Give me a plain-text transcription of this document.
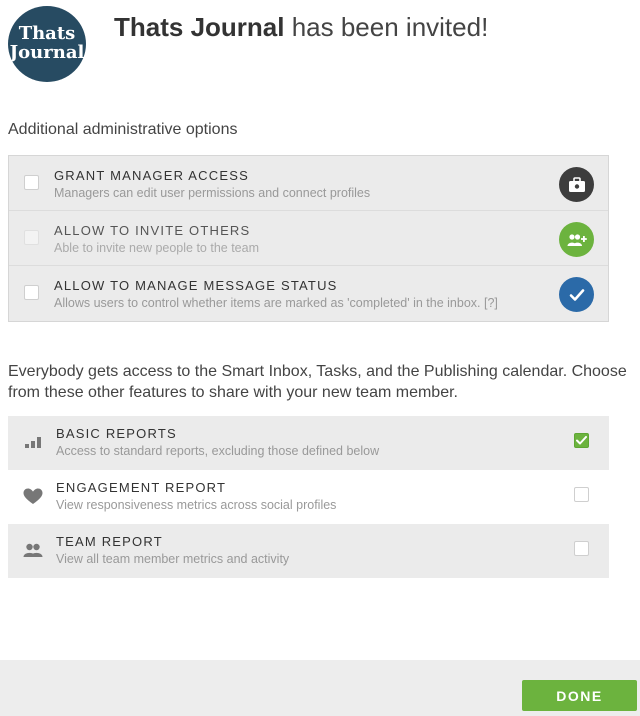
Thats
Journal
Thats Journal has been invited!
Additional administrative options
GRANT MANAGER ACCESS
Managers can edit user permissions and connect profiles
ALLOW TO INVITE OTHERS
Able to invite new people to the team
ALLOW TO MANAGE MESSAGE STATUS
Allows users to control whether items are marked as 'completed' in the inbox. [?]
Everybody gets access to the Smart Inbox, Tasks, and the Publishing calendar. Choose from these other features to share with your new team member.
BASIC REPORTS
Access to standard reports, excluding those defined below
ENGAGEMENT REPORT
View responsiveness metrics across social profiles
TEAM REPORT
View all team member metrics and activity
DONE
